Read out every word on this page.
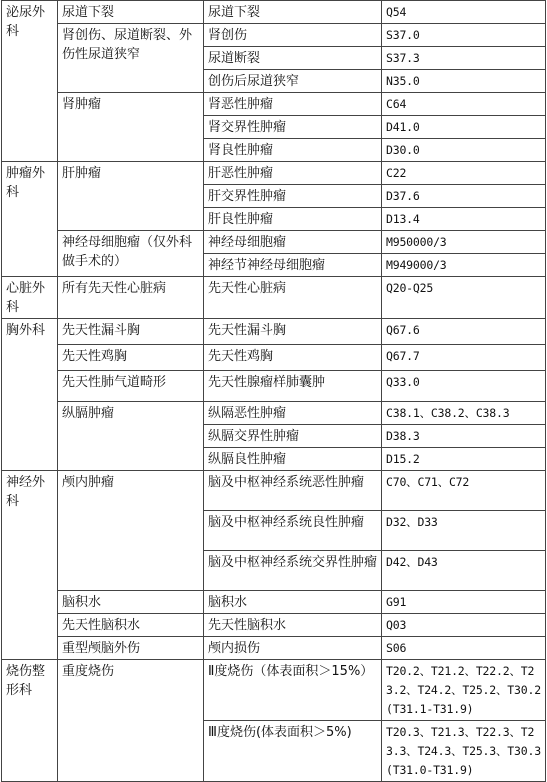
泌尿外科	尿道下裂	尿道下裂	Q54
	肾创伤、尿道断裂、外伤性尿道狭窄	肾创伤	S37.0
		尿道断裂	S37.3
		创伤后尿道狭窄	N35.0
	肾肿瘤	肾恶性肿瘤	C64
		肾交界性肿瘤	D41.0
		肾良性肿瘤	D30.0
肿瘤外科	肝肿瘤	肝恶性肿瘤	C22
		肝交界性肿瘤	D37.6
		肝良性肿瘤	D13.4
	神经母细胞瘤（仅外科做手术的）	神经母细胞瘤	M950000/3
		神经节神经母细胞瘤	M949000/3
心脏外科	所有先天性心脏病	先天性心脏病	Q20-Q25
胸外科	先天性漏斗胸	先天性漏斗胸	Q67.6
	先天性鸡胸	先天性鸡胸	Q67.7
	先天性肺气道畸形	先天性腺瘤样肺囊肿	Q33.0
	纵膈肿瘤	纵隔恶性肿瘤	C38.1、C38.2、C38.3
		纵膈交界性肿瘤	D38.3
		纵膈良性肿瘤	D15.2
神经外科	颅内肿瘤	脑及中枢神经系统恶性肿瘤	C70、C71、C72
		脑及中枢神经系统良性肿瘤	D32、D33
		脑及中枢神经系统交界性肿瘤	D42、D43
	脑积水	脑积水	G91
	先天性脑积水	先天性脑积水	Q03
	重型颅脑外伤	颅内损伤	S06
烧伤整形科	重度烧伤	Ⅱ度烧伤（体表面积＞15%）	T20.2、T21.2、T22.2、T23.2、T24.2、T25.2、T30.2(T31.1-T31.9)
		Ⅲ度烧伤(体表面积＞5%)	T20.3、T21.3、T22.3、T23.3、T24.3、T25.3、T30.3(T31.0-T31.9)
